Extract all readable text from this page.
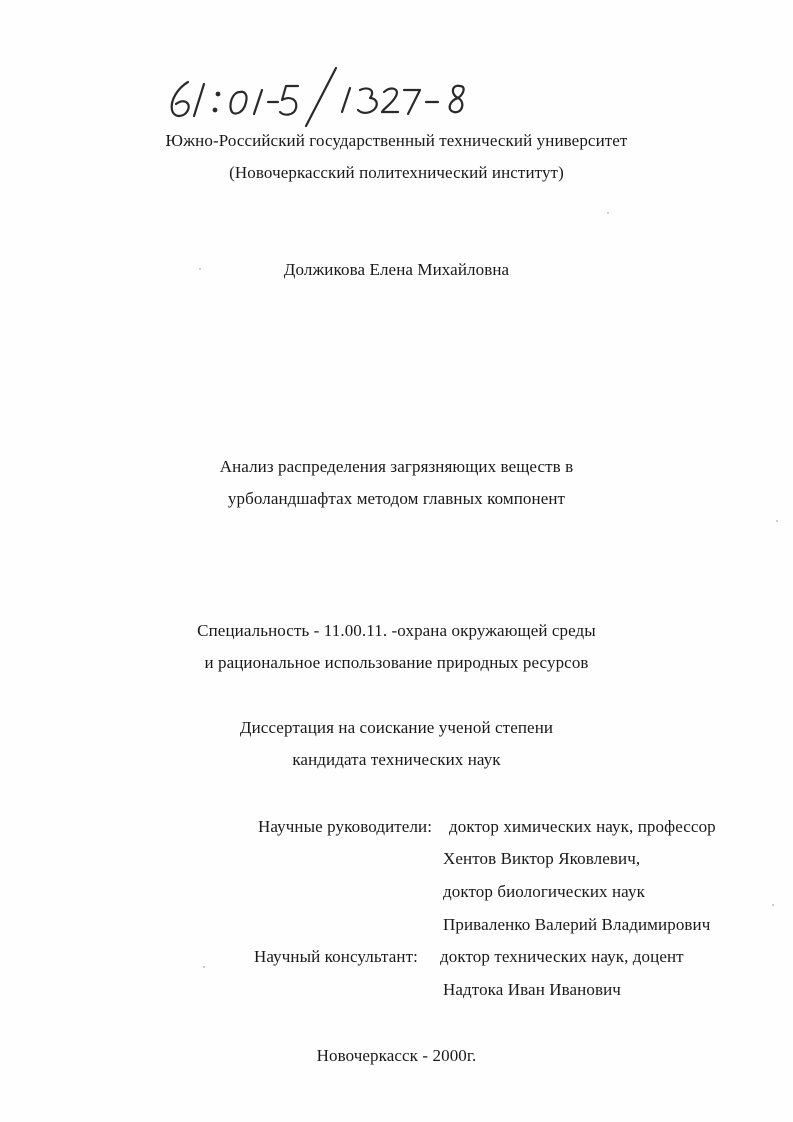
Южно-Российский государственный технический университет
(Новочеркасский политехнический институт)
Должикова Елена Михайловна
Анализ распределения загрязняющих веществ в
урболандшафтах методом главных компонент
Специальность - 11.00.11. -охрана окружающей среды
и рациональное использование природных ресурсов
Диссертация на соискание ученой степени
кандидата технических наук
Научные руководители: доктор химических наук, профессор
Хентов Виктор Яковлевич,
доктор биологических наук
Приваленко Валерий Владимирович
Научный консультант: доктор технических наук, доцент
Надтока Иван Иванович
Новочеркасск - 2000г.
